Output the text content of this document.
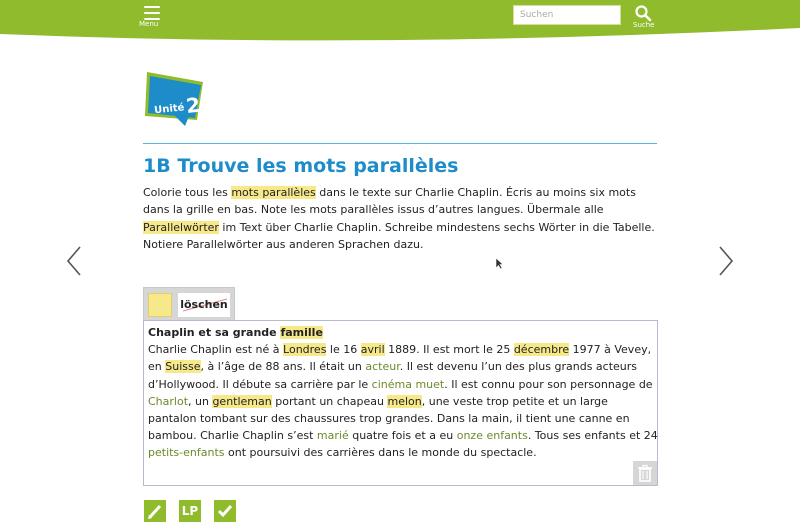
Menu
Suchen	Suche
Unité2
1B Trouve les mots parallèles
Colorie tous les mots parallèles dans le texte sur Charlie Chaplin. Écris au moins six mots dans la grille en bas. Note les mots parallèles issus d’autres langues. Übermale alle Parallelwörter im Text über Charlie Chaplin. Schreibe mindestens sechs Wörter in die Tabelle. Notiere Parallelwörter aus anderen Sprachen dazu.
löschen
Chaplin et sa grande famille
Charlie Chaplin est né à Londres le 16 avril 1889. Il est mort le 25 décembre 1977 à Vevey, en Suisse, à l’âge de 88 ans. Il était un acteur. Il est devenu l’un des plus grands acteurs d’Hollywood. Il débute sa carrière par le cinéma muet. Il est connu pour son personnage de Charlot, un gentleman portant un chapeau melon, une veste trop petite et un large pantalon tombant sur des chaussures trop grandes. Dans la main, il tient une canne en bambou. Charlie Chaplin s’est marié quatre fois et a eu onze enfants. Tous ses enfants et 24 petits-enfants ont poursuivi des carrières dans le monde du spectacle.
LP
